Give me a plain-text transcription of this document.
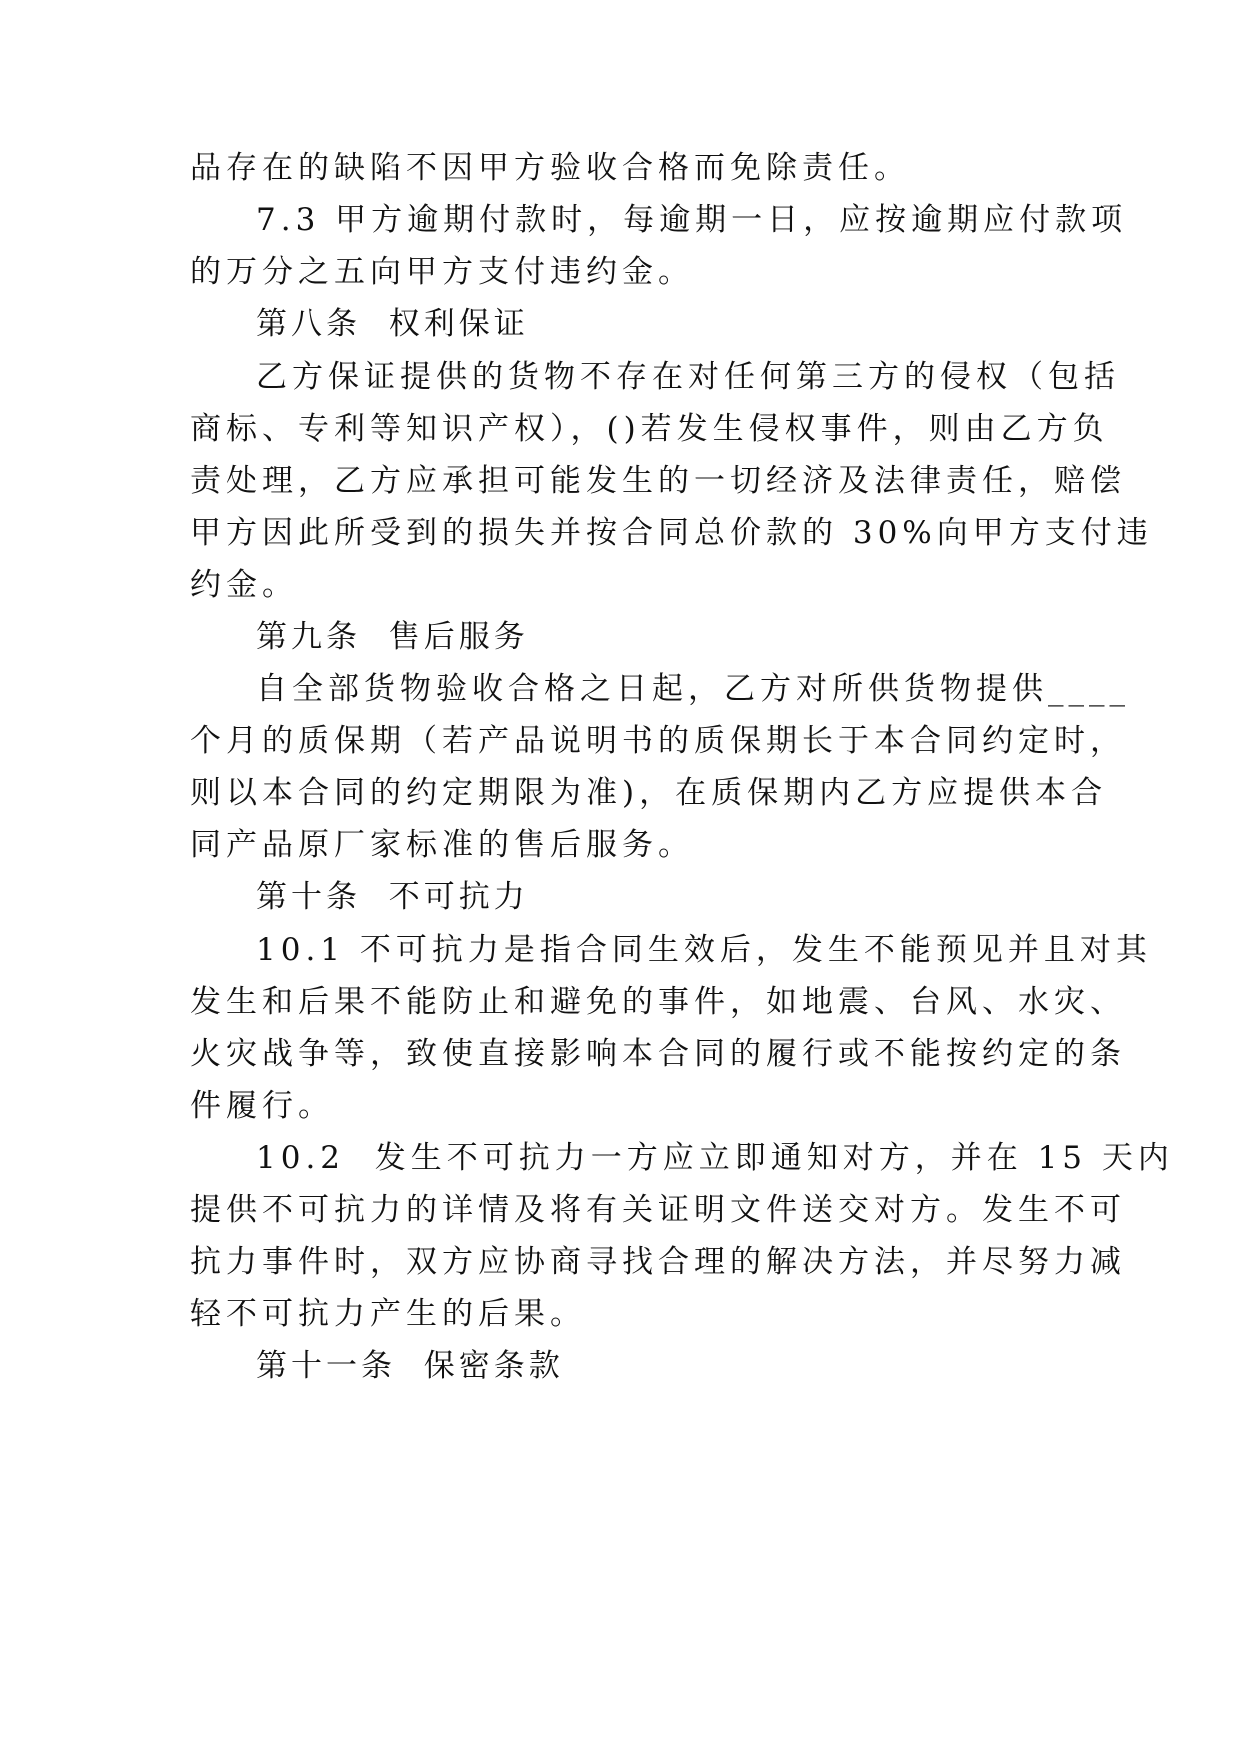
品存在的缺陷不因甲方验收合格而免除责任。
7.3 甲方逾期付款时，每逾期一日，应按逾期应付款项
的万分之五向甲方支付违约金。
第八条  权利保证
乙方保证提供的货物不存在对任何第三方的侵权（包括
商标、专利等知识产权），()若发生侵权事件，则由乙方负
责处理，乙方应承担可能发生的一切经济及法律责任，赔偿
甲方因此所受到的损失并按合同总价款的 30%向甲方支付违
约金。
第九条  售后服务
自全部货物验收合格之日起，乙方对所供货物提供____
个月的质保期（若产品说明书的质保期长于本合同约定时，
则以本合同的约定期限为准)，在质保期内乙方应提供本合
同产品原厂家标准的售后服务。
第十条  不可抗力
10.1 不可抗力是指合同生效后，发生不能预见并且对其
发生和后果不能防止和避免的事件，如地震、台风、水灾、
火灾战争等，致使直接影响本合同的履行或不能按约定的条
件履行。
10.2  发生不可抗力一方应立即通知对方，并在 15 天内
提供不可抗力的详情及将有关证明文件送交对方。发生不可
抗力事件时，双方应协商寻找合理的解决方法，并尽努力减
轻不可抗力产生的后果。
第十一条  保密条款
